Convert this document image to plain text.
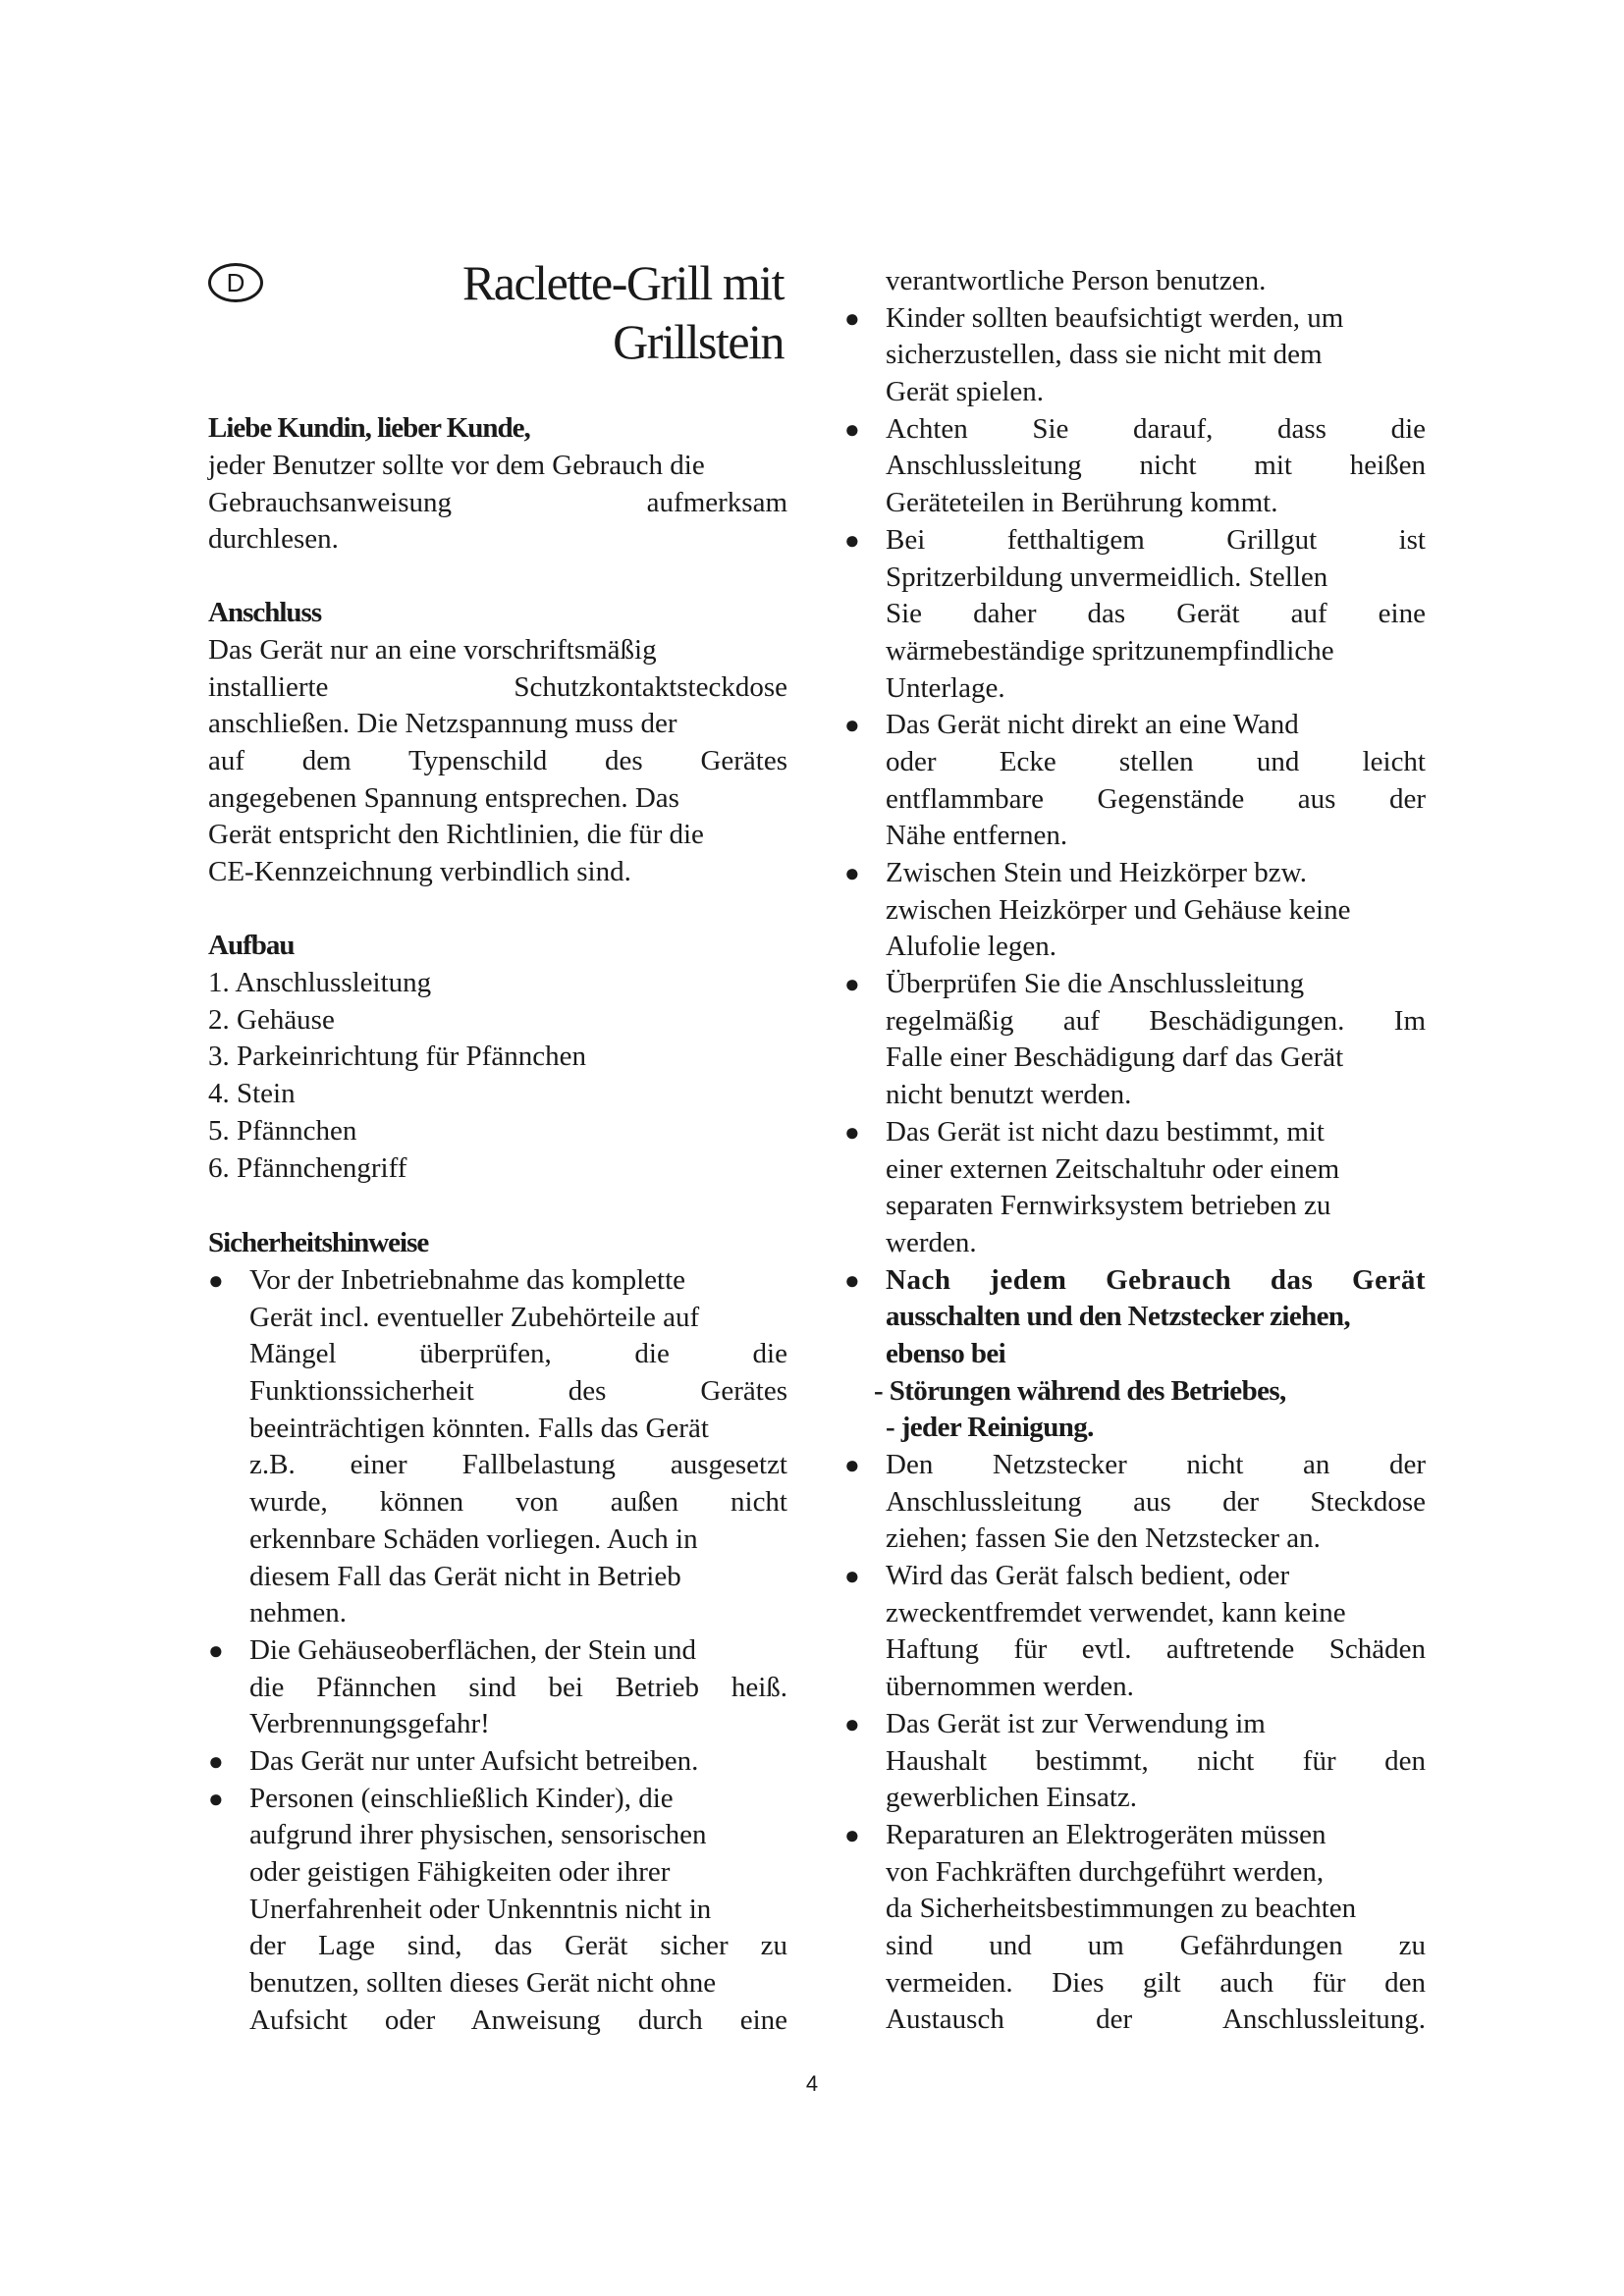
D	Raclette-Grill mit
Grillstein
Liebe Kundin, lieber Kunde,
jeder Benutzer sollte vor dem Gebrauch die
Gebrauchsanweisung aufmerksam
durchlesen.
Anschluss
Das Gerät nur an eine vorschriftsmäßig
installierte Schutzkontaktsteckdose
anschließen. Die Netzspannung muss der
auf dem Typenschild des Gerätes
angegebenen Spannung entsprechen. Das
Gerät entspricht den Richtlinien, die für die
CE-Kennzeichnung verbindlich sind.
Aufbau
1. Anschlussleitung
2. Gehäuse
3. Parkeinrichtung für Pfännchen
4. Stein
5. Pfännchen
6. Pfännchengriff
Sicherheitshinweise
● Vor der Inbetriebnahme das komplette
Gerät incl. eventueller Zubehörteile auf
Mängel überprüfen, die die
Funktionssicherheit des Gerätes
beeinträchtigen könnten. Falls das Gerät
z.B. einer Fallbelastung ausgesetzt
wurde, können von außen nicht
erkennbare Schäden vorliegen. Auch in
diesem Fall das Gerät nicht in Betrieb
nehmen.
● Die Gehäuseoberflächen, der Stein und
die Pfännchen sind bei Betrieb heiß.
Verbrennungsgefahr!
● Das Gerät nur unter Aufsicht betreiben.
● Personen (einschließlich Kinder), die
aufgrund ihrer physischen, sensorischen
oder geistigen Fähigkeiten oder ihrer
Unerfahrenheit oder Unkenntnis nicht in
der Lage sind, das Gerät sicher zu
benutzen, sollten dieses Gerät nicht ohne
Aufsicht oder Anweisung durch eine
verantwortliche Person benutzen.
● Kinder sollten beaufsichtigt werden, um
sicherzustellen, dass sie nicht mit dem
Gerät spielen.
● Achten Sie darauf, dass die
Anschlussleitung nicht mit heißen
Geräteteilen in Berührung kommt.
● Bei fetthaltigem Grillgut ist
Spritzerbildung unvermeidlich. Stellen
Sie daher das Gerät auf eine
wärmebeständige spritzunempfindliche
Unterlage.
● Das Gerät nicht direkt an eine Wand
oder Ecke stellen und leicht
entflammbare Gegenstände aus der
Nähe entfernen.
● Zwischen Stein und Heizkörper bzw.
zwischen Heizkörper und Gehäuse keine
Alufolie legen.
● Überprüfen Sie die Anschlussleitung
regelmäßig auf Beschädigungen. Im
Falle einer Beschädigung darf das Gerät
nicht benutzt werden.
● Das Gerät ist nicht dazu bestimmt, mit
einer externen Zeitschaltuhr oder einem
separaten Fernwirksystem betrieben zu
werden.
● Nach jedem Gebrauch das Gerät
ausschalten und den Netzstecker ziehen,
ebenso bei
- Störungen während des Betriebes,
- jeder Reinigung.
● Den Netzstecker nicht an der
Anschlussleitung aus der Steckdose
ziehen; fassen Sie den Netzstecker an.
● Wird das Gerät falsch bedient, oder
zweckentfremdet verwendet, kann keine
Haftung für evtl. auftretende Schäden
übernommen werden.
● Das Gerät ist zur Verwendung im
Haushalt bestimmt, nicht für den
gewerblichen Einsatz.
● Reparaturen an Elektrogeräten müssen
von Fachkräften durchgeführt werden,
da Sicherheitsbestimmungen zu beachten
sind und um Gefährdungen zu
vermeiden. Dies gilt auch für den
Austausch der Anschlussleitung.
4
